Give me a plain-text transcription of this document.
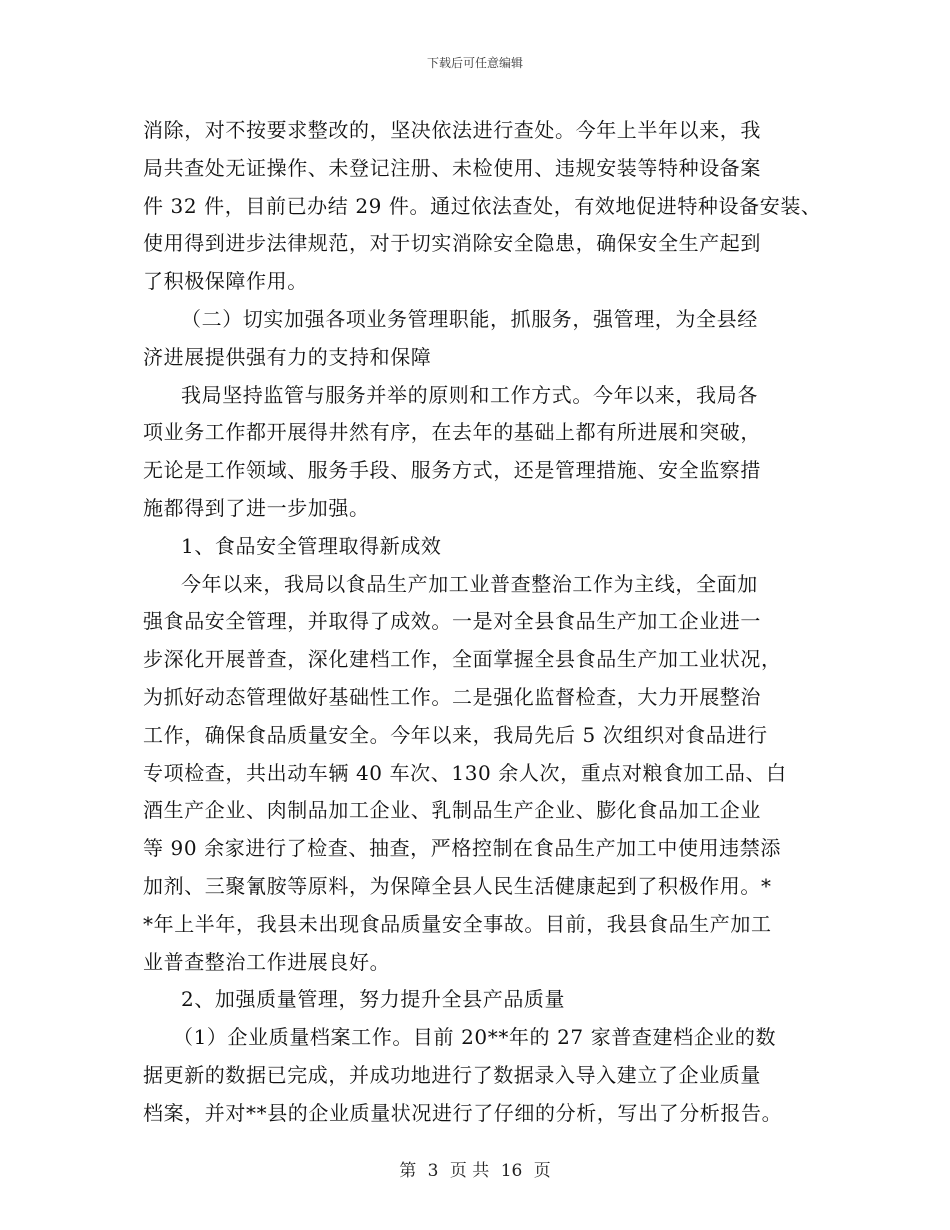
下载后可任意编辑
消除，对不按要求整改的，坚决依法进行查处。今年上半年以来，我
局共查处无证操作、未登记注册、未检使用、违规安装等特种设备案
件 32 件，目前已办结 29 件。通过依法查处，有效地促进特种设备安装、
使用得到进步法律规范，对于切实消除安全隐患，确保安全生产起到
了积极保障作用。
（二）切实加强各项业务管理职能，抓服务，强管理，为全县经
济进展提供强有力的支持和保障
我局坚持监管与服务并举的原则和工作方式。今年以来，我局各
项业务工作都开展得井然有序，在去年的基础上都有所进展和突破，
无论是工作领域、服务手段、服务方式，还是管理措施、安全监察措
施都得到了进一步加强。
1、食品安全管理取得新成效
今年以来，我局以食品生产加工业普查整治工作为主线，全面加
强食品安全管理，并取得了成效。一是对全县食品生产加工企业进一
步深化开展普查，深化建档工作，全面掌握全县食品生产加工业状况，
为抓好动态管理做好基础性工作。二是强化监督检查，大力开展整治
工作，确保食品质量安全。今年以来，我局先后 5 次组织对食品进行
专项检查，共出动车辆 40 车次、130 余人次，重点对粮食加工品、白
酒生产企业、肉制品加工企业、乳制品生产企业、膨化食品加工企业
等 90 余家进行了检查、抽查，严格控制在食品生产加工中使用违禁添
加剂、三聚氰胺等原料，为保障全县人民生活健康起到了积极作用。*
*年上半年，我县未出现食品质量安全事故。目前，我县食品生产加工
业普查整治工作进展良好。
2、加强质量管理，努力提升全县产品质量
（1）企业质量档案工作。目前 20**年的 27 家普查建档企业的数
据更新的数据已完成，并成功地进行了数据录入导入建立了企业质量
档案，并对**县的企业质量状况进行了仔细的分析，写出了分析报告。
第 3 页 共 16 页
